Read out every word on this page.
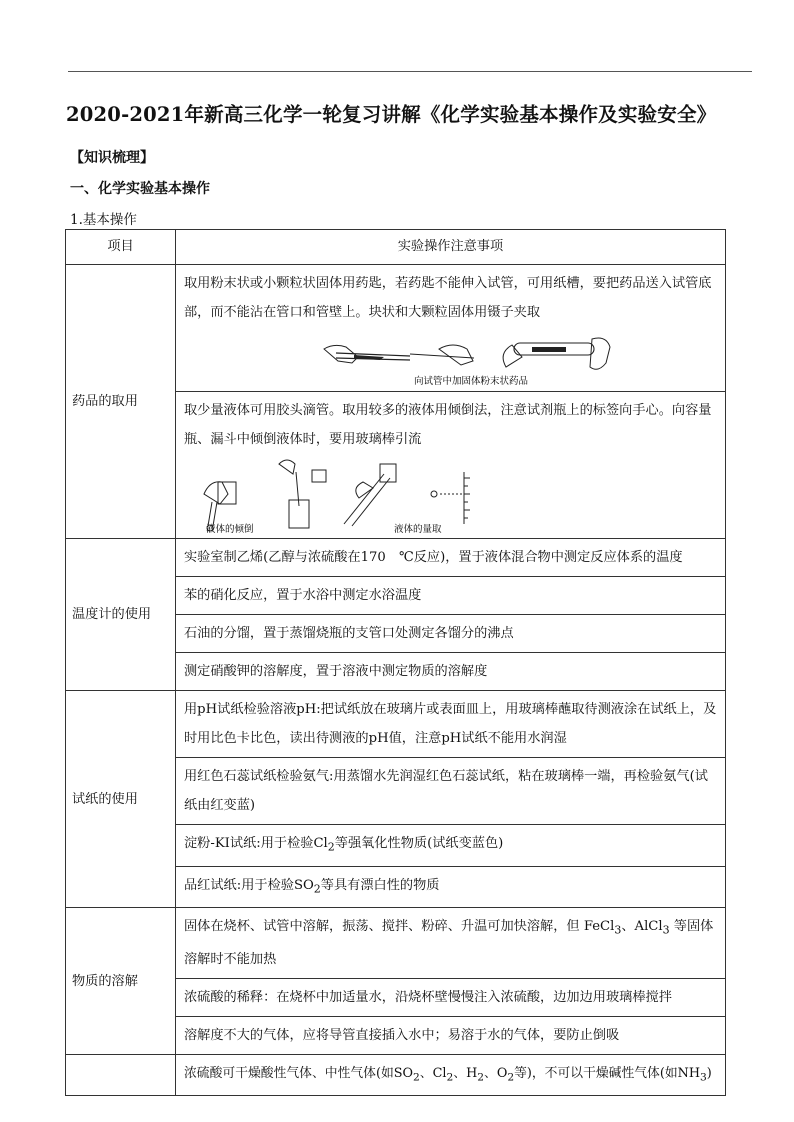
2020-2021年新高三化学一轮复习讲解《化学实验基本操作及实验安全》
【知识梳理】
一、化学实验基本操作
1.基本操作
项目	实验操作注意事项
药品的取用	取用粉末状或小颗粒状固体用药匙，若药匙不能伸入试管，可用纸槽，要把药品送入试管底部，而不能沾在管口和管壁上。块状和大颗粒固体用镊子夹取
向试管中加固体粉末状药品

	取少量液体可用胶头滴管。取用较多的液体用倾倒法，注意试剂瓶上的标签向手心。向容量瓶、漏斗中倾倒液体时，要用玻璃棒引流
液体的倾倒 液体的量取

温度计的使用	实验室制乙烯(乙醇与浓硫酸在170　℃反应)，置于液体混合物中测定反应体系的温度
	苯的硝化反应，置于水浴中测定水浴温度
	石油的分馏，置于蒸馏烧瓶的支管口处测定各馏分的沸点
	测定硝酸钾的溶解度，置于溶液中测定物质的溶解度
试纸的使用	用pH试纸检验溶液pH:把试纸放在玻璃片或表面皿上，用玻璃棒蘸取待测液涂在试纸上，及时用比色卡比色，读出待测液的pH值，注意pH试纸不能用水润湿
	用红色石蕊试纸检验氨气:用蒸馏水先润湿红色石蕊试纸，粘在玻璃棒一端，再检验氨气(试纸由红变蓝)
	淀粉-KI试纸:用于检验$Cl_2$等强氧化性物质(试纸变蓝色)
	品红试纸:用于检验$SO_2$等具有漂白性的物质
物质的溶解	固体在烧杯、试管中溶解，振荡、搅拌、粉碎、升温可加快溶解，但 FeCl$_3$、AlCl$_3$ 等固体溶解时不能加热
	浓硫酸的稀释：在烧杯中加适量水，沿烧杯壁慢慢注入浓硫酸，边加边用玻璃棒搅拌
	溶解度不大的气体，应将导管直接插入水中；易溶于水的气体，要防止倒吸
	浓硫酸可干燥酸性气体、中性气体(如$SO_2$、$Cl_2$、$H_2$、$O_2$等)，不可以干燥碱性气体(如$NH_3$)
